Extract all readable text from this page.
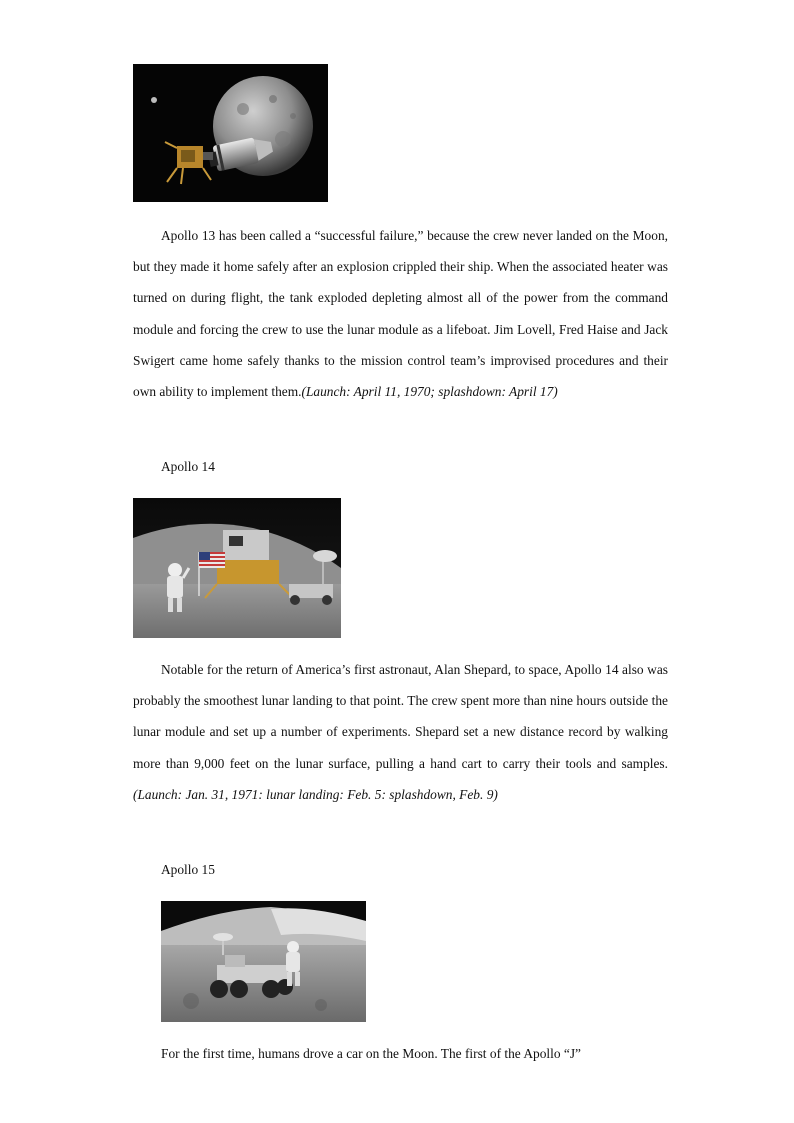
Apollo 13 has been called a “successful failure,” because the crew never landed on the Moon, but they made it home safely after an explosion crippled their ship. When the associated heater was turned on during flight, the tank exploded depleting almost all of the power from the command module and forcing the crew to use the lunar module as a lifeboat. Jim Lovell, Fred Haise and Jack Swigert came home safely thanks to the mission control team’s improvised procedures and their own ability to implement them.(Launch: April 11, 1970; splashdown: April 17)

Apollo 14

Notable for the return of America’s first astronaut, Alan Shepard, to space, Apollo 14 also was probably the smoothest lunar landing to that point. The crew spent more than nine hours outside the lunar module and set up a number of experiments. Shepard set a new distance record by walking more than 9,000 feet on the lunar surface, pulling a hand cart to carry their tools and samples.(Launch: Jan. 31, 1971: lunar landing: Feb. 5: splashdown, Feb. 9)

Apollo 15

For the first time, humans drove a car on the Moon. The first of the Apollo “J”
